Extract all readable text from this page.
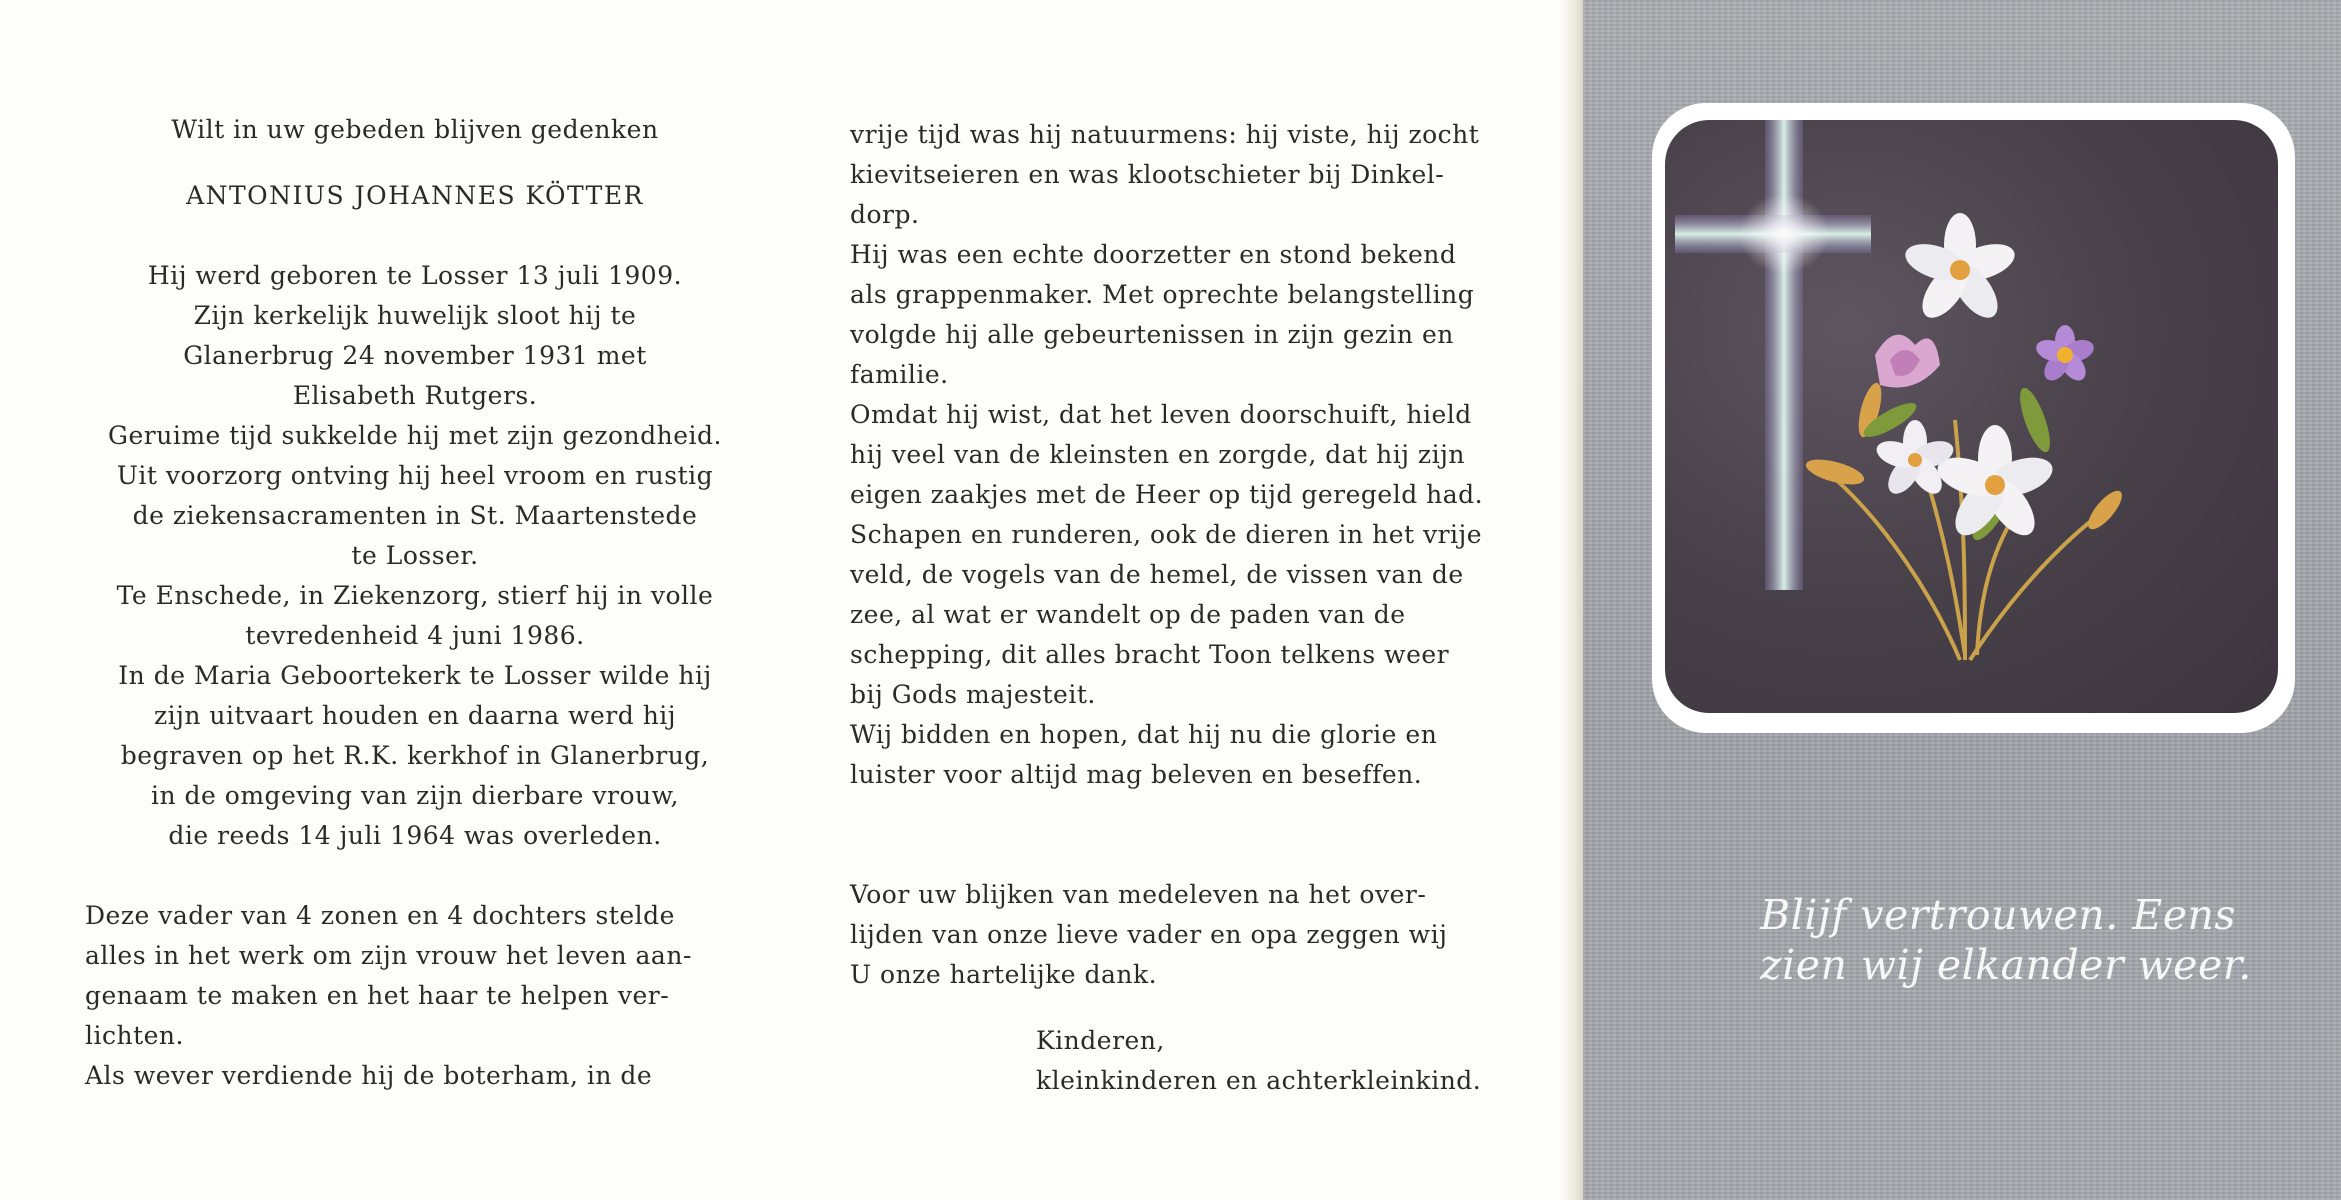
Wilt in uw gebeden blijven gedenken

ANTONIUS JOHANNES KÖTTER

Hij werd geboren te Losser 13 juli 1909.

Zijn kerkelijk huwelijk sloot hij te

Glanerbrug 24 november 1931 met

Elisabeth Rutgers.

Geruime tijd sukkelde hij met zijn gezondheid.

Uit voorzorg ontving hij heel vroom en rustig

de ziekensacramenten in St. Maartenstede

te Losser.

Te Enschede, in Ziekenzorg, stierf hij in volle

tevredenheid 4 juni 1986.

In de Maria Geboortekerk te Losser wilde hij

zijn uitvaart houden en daarna werd hij

begraven op het R.K. kerkhof in Glanerbrug,

in de omgeving van zijn dierbare vrouw,

die reeds 14 juli 1964 was overleden.

Deze vader van 4 zonen en 4 dochters stelde

alles in het werk om zijn vrouw het leven aan-

genaam te maken en het haar te helpen ver-

lichten.

Als wever verdiende hij de boterham, in de

vrije tijd was hij natuurmens: hij viste, hij zocht

kievitseieren en was klootschieter bij Dinkel-

dorp.

Hij was een echte doorzetter en stond bekend

als grappenmaker. Met oprechte belangstelling

volgde hij alle gebeurtenissen in zijn gezin en

familie.

Omdat hij wist, dat het leven doorschuift, hield

hij veel van de kleinsten en zorgde, dat hij zijn

eigen zaakjes met de Heer op tijd geregeld had.

Schapen en runderen, ook de dieren in het vrije

veld, de vogels van de hemel, de vissen van de

zee, al wat er wandelt op de paden van de

schepping, dit alles bracht Toon telkens weer

bij Gods majesteit.

Wij bidden en hopen, dat hij nu die glorie en

luister voor altijd mag beleven en beseffen.

Voor uw blijken van medeleven na het over-

lijden van onze lieve vader en opa zeggen wij

U onze hartelijke dank.

Kinderen,

kleinkinderen en achterkleinkind.

Blijf vertrouwen. Eens

zien wij elkander weer.
